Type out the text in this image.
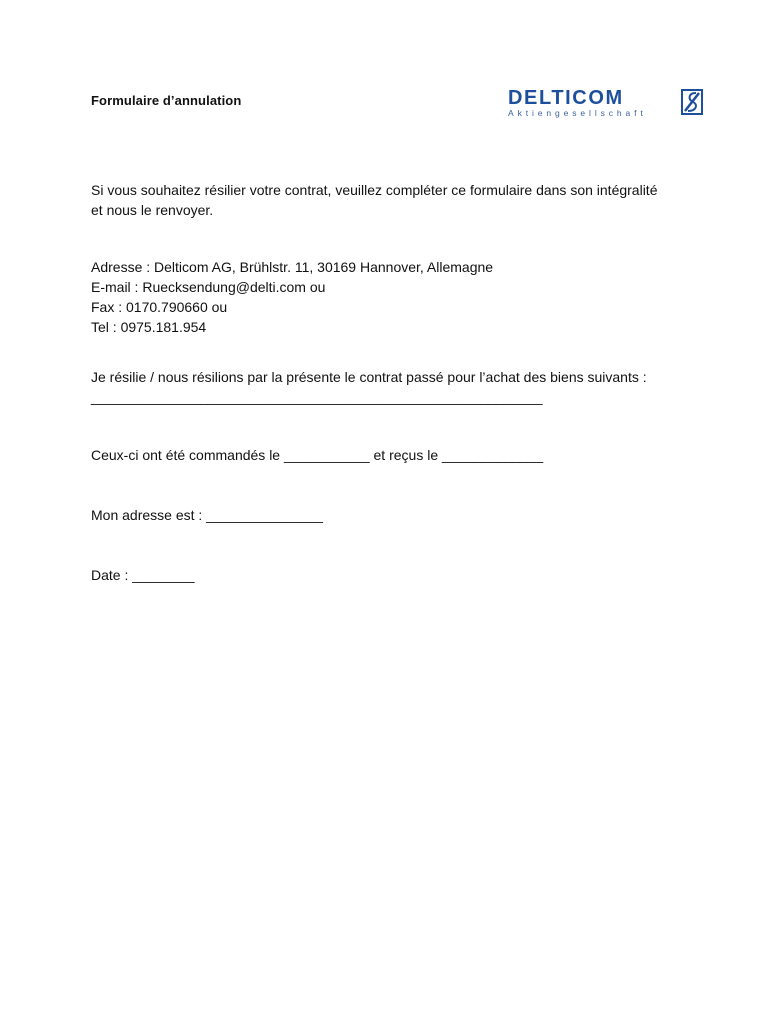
Formulaire d’annulation	DELTICOM
Aktiengesellschaft
Si vous souhaitez résilier votre contrat, veuillez compléter ce formulaire dans son intégralité
et nous le renvoyer.
Adresse : Delticom AG, Brühlstr. 11, 30169 Hannover, Allemagne
E-mail : Ruecksendung@delti.com ou
Fax : 0170.790660 ou
Tel : 0975.181.954
Je résilie / nous résilions par la présente le contrat passé pour l’achat des biens suivants :
__________________________________________________________
Ceux-ci ont été commandés le ___________ et reçus le _____________
Mon adresse est : _______________
Date : ________
